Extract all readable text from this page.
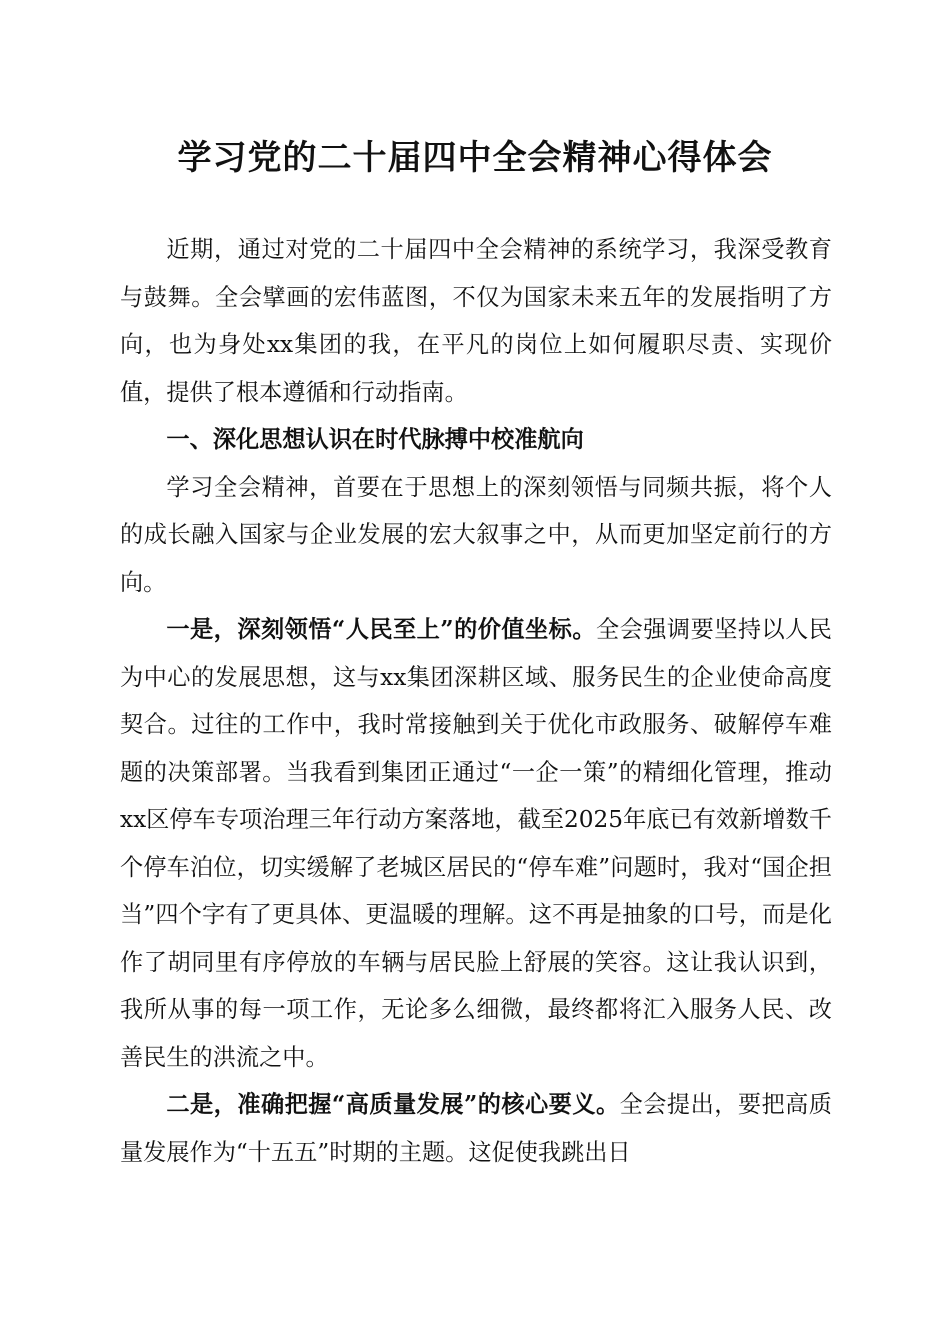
学习党的二十届四中全会精神心得体会

近期，通过对党的二十届四中全会精神的系统学习，我深受教育与鼓舞。全会擘画的宏伟蓝图，不仅为国家未来五年的发展指明了方向，也为身处xx集团的我，在平凡的岗位上如何履职尽责、实现价值，提供了根本遵循和行动指南。

一、深化思想认识在时代脉搏中校准航向

学习全会精神，首要在于思想上的深刻领悟与同频共振，将个人的成长融入国家与企业发展的宏大叙事之中，从而更加坚定前行的方向。

一是，深刻领悟“人民至上”的价值坐标。全会强调要坚持以人民为中心的发展思想，这与xx集团深耕区域、服务民生的企业使命高度契合。过往的工作中，我时常接触到关于优化市政服务、破解停车难题的决策部署。当我看到集团正通过“一企一策”的精细化管理，推动xx区停车专项治理三年行动方案落地，截至2025年底已有效新增数千个停车泊位，切实缓解了老城区居民的“停车难”问题时，我对“国企担当”四个字有了更具体、更温暖的理解。这不再是抽象的口号，而是化作了胡同里有序停放的车辆与居民脸上舒展的笑容。这让我认识到，我所从事的每一项工作，无论多么细微，最终都将汇入服务人民、改善民生的洪流之中。

二是，准确把握“高质量发展”的核心要义。全会提出，要把高质量发展作为“十五五”时期的主题。这促使我跳出日
